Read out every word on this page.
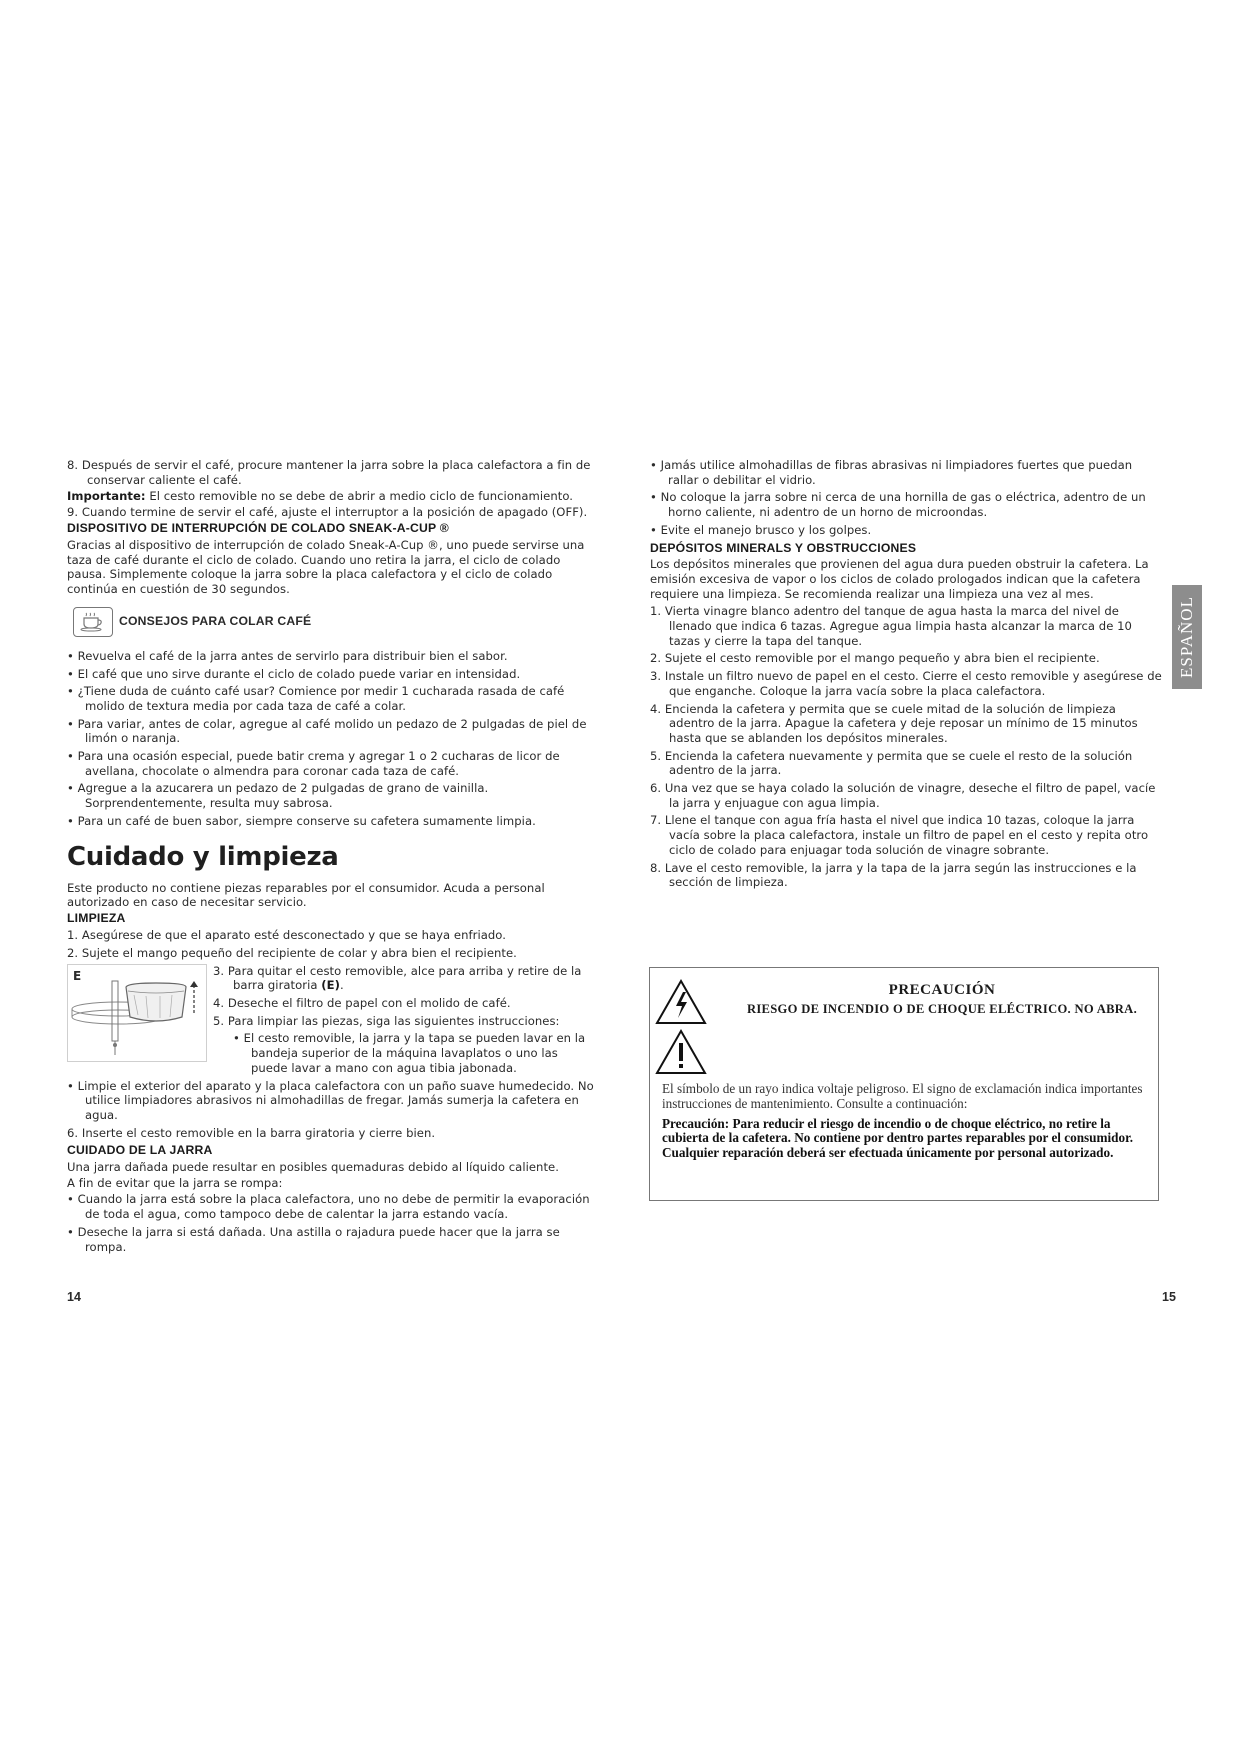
8. Después de servir el café, procure mantener la jarra sobre la placa calefactora a fin de conservar caliente el café.
Importante: El cesto removible no se debe de abrir a medio ciclo de funcionamiento.
9. Cuando termine de servir el café, ajuste el interruptor a la posición de apagado (OFF).
DISPOSITIVO DE INTERRUPCIÓN DE COLADO SNEAK-A-CUP ®
Gracias al dispositivo de interrupción de colado Sneak-A-Cup ®, uno puede servirse una taza de café durante el ciclo de colado. Cuando uno retira la jarra, el ciclo de colado pausa. Simplemente coloque la jarra sobre la placa calefactora y el ciclo de colado continúa en cuestión de 30 segundos.
CONSEJOS PARA COLAR CAFÉ
• Revuelva el café de la jarra antes de servirlo para distribuir bien el sabor.
• El café que uno sirve durante el ciclo de colado puede variar en intensidad.
• ¿Tiene duda de cuánto café usar? Comience por medir 1 cucharada rasada de café molido de textura media por cada taza de café a colar.
• Para variar, antes de colar, agregue al café molido un pedazo de 2 pulgadas de piel de limón o naranja.
• Para una ocasión especial, puede batir crema y agregar 1 o 2 cucharas de licor de avellana, chocolate o almendra para coronar cada taza de café.
• Agregue a la azucarera un pedazo de 2 pulgadas de grano de vainilla. Sorprendentemente, resulta muy sabrosa.
• Para un café de buen sabor, siempre conserve su cafetera sumamente limpia.
Cuidado y limpieza
Este producto no contiene piezas reparables por el consumidor. Acuda a personal autorizado en caso de necesitar servicio.
LIMPIEZA
1. Asegúrese de que el aparato esté desconectado y que se haya enfriado.
2. Sujete el mango pequeño del recipiente de colar y abra bien el recipiente.
E	3. Para quitar el cesto removible, alce para arriba y retire de la barra giratoria (E).
4. Deseche el filtro de papel con el molido de café.
5. Para limpiar las piezas, siga las siguientes instrucciones:
• El cesto removible, la jarra y la tapa se pueden lavar en la bandeja superior de la máquina lavaplatos o uno las puede lavar a mano con agua tibia jabonada.
• Limpie el exterior del aparato y la placa calefactora con un paño suave humedecido. No utilice limpiadores abrasivos ni almohadillas de fregar. Jamás sumerja la cafetera en agua.
6. Inserte el cesto removible en la barra giratoria y cierre bien.
CUIDADO DE LA JARRA
Una jarra dañada puede resultar en posibles quemaduras debido al líquido caliente.
A fin de evitar que la jarra se rompa:
• Cuando la jarra está sobre la placa calefactora, uno no debe de permitir la evaporación de toda el agua, como tampoco debe de calentar la jarra estando vacía.
• Deseche la jarra si está dañada. Una astilla o rajadura puede hacer que la jarra se rompa.
14
• Jamás utilice almohadillas de fibras abrasivas ni limpiadores fuertes que puedan rallar o debilitar el vidrio.
• No coloque la jarra sobre ni cerca de una hornilla de gas o eléctrica, adentro de un horno caliente, ni adentro de un horno de microondas.
• Evite el manejo brusco y los golpes.
DEPÓSITOS MINERALS Y OBSTRUCCIONES
Los depósitos minerales que provienen del agua dura pueden obstruir la cafetera. La emisión excesiva de vapor o los ciclos de colado prologados indican que la cafetera requiere una limpieza. Se recomienda realizar una limpieza una vez al mes.
1. Vierta vinagre blanco adentro del tanque de agua hasta la marca del nivel de llenado que indica 6 tazas. Agregue agua limpia hasta alcanzar la marca de 10 tazas y cierre la tapa del tanque.
2. Sujete el cesto removible por el mango pequeño y abra bien el recipiente.
3. Instale un filtro nuevo de papel en el cesto. Cierre el cesto removible y asegúrese de que enganche. Coloque la jarra vacía sobre la placa calefactora.
4. Encienda la cafetera y permita que se cuele mitad de la solución de limpieza adentro de la jarra. Apague la cafetera y deje reposar un mínimo de 15 minutos hasta que se ablanden los depósitos minerales.
5. Encienda la cafetera nuevamente y permita que se cuele el resto de la solución adentro de la jarra.
6. Una vez que se haya colado la solución de vinagre, deseche el filtro de papel, vacíe la jarra y enjuague con agua limpia.
7. Llene el tanque con agua fría hasta el nivel que indica 10 tazas, coloque la jarra vacía sobre la placa calefactora, instale un filtro de papel en el cesto y repita otro ciclo de colado para enjuagar toda solución de vinagre sobrante.
8. Lave el cesto removible, la jarra y la tapa de la jarra según las instrucciones e la sección de limpieza.
ESPAÑOL
PRECAUCIÓN
RIESGO DE INCENDIO O DE CHOQUE ELÉCTRICO. NO ABRA.
El símbolo de un rayo indica voltaje peligroso. El signo de exclamación indica importantes instrucciones de mantenimiento. Consulte a continuación:
Precaución: Para reducir el riesgo de incendio o de choque eléctrico, no retire la cubierta de la cafetera. No contiene por dentro partes reparables por el consumidor. Cualquier reparación deberá ser efectuada únicamente por personal autorizado.
15
